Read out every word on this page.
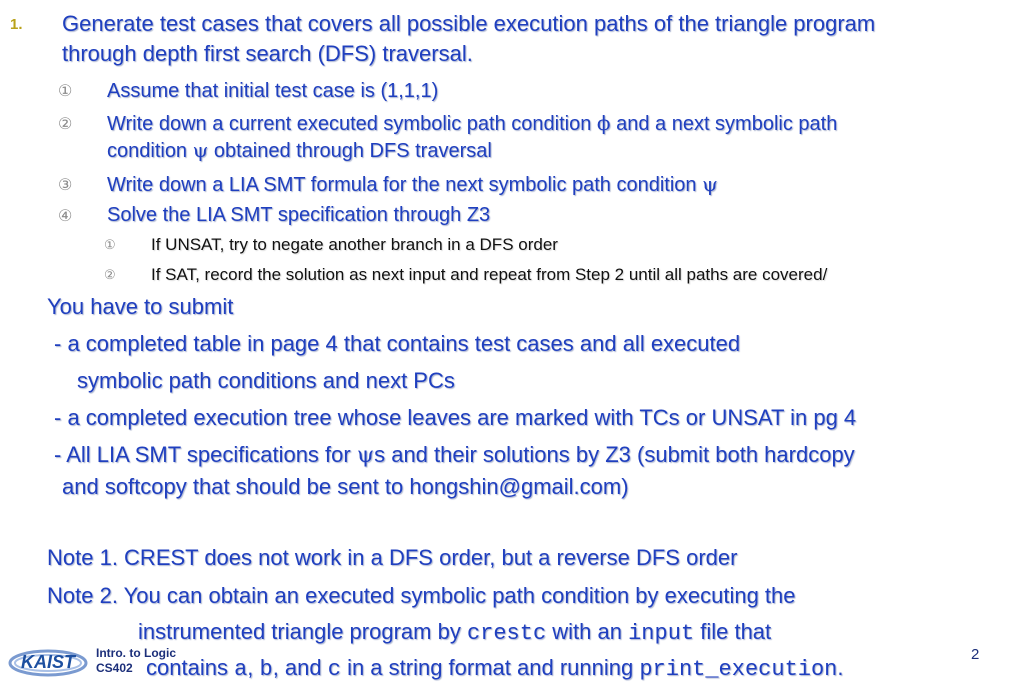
1. Generate test cases that covers all possible execution paths of the triangle program
through depth first search (DFS) traversal.
① Assume that initial test case is (1,1,1)
② Write down a current executed symbolic path condition ϕ and a next symbolic path
condition ψ obtained through DFS traversal
③ Write down a LIA SMT formula for the next symbolic path condition ψ
④ Solve the LIA SMT specification through Z3
① If UNSAT, try to negate another branch in a DFS order
② If SAT, record the solution as next input and repeat from Step 2 until all paths are covered/
You have to submit
- a completed table in page 4 that contains test cases and all executed
symbolic path conditions and next PCs
- a completed execution tree whose leaves are marked with TCs or UNSAT in pg 4
- All LIA SMT specifications for ψs and their solutions by Z3 (submit both hardcopy
and softcopy that should be sent to hongshin@gmail.com)
Note 1. CREST does not work in a DFS order, but a reverse DFS order
Note 2. You can obtain an executed symbolic path condition by executing the
instrumented triangle program by crestc with an input file that
contains a, b, and c in a string format and running print_execution.
KAIST Intro. to Logic
CS402
2
